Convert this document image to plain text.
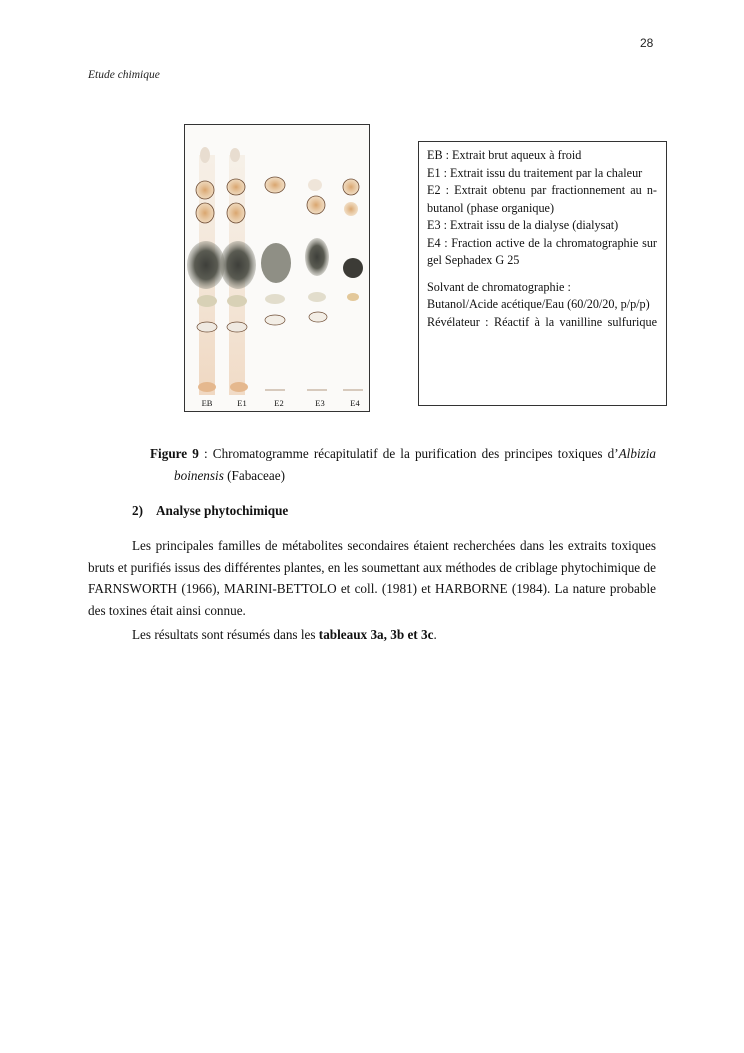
28
Etude chimique
EB	E1	E2	E3	E4

EB : Extrait brut aqueux à froid

E1 : Extrait issu du traitement par la chaleur

E2 : Extrait obtenu par fractionnement au n-butanol (phase organique)

E3 : Extrait issu de la dialyse (dialysat)

E4 : Fraction active de la chromatographie sur gel Sephadex G 25

Solvant de chromatographie :

Butanol/Acide acétique/Eau (60/20/20, p/p/p)

Révélateur : Réactif à la vanilline sulfurique

Figure 9 : Chromatogramme récapitulatif de la purification des principes toxiques d’Albizia boinensis (Fabaceae)
2) Analyse phytochimique
Les principales familles de métabolites secondaires étaient recherchées dans les extraits toxiques bruts et purifiés issus des différentes plantes, en les soumettant aux méthodes de criblage phytochimique de FARNSWORTH (1966), MARINI-BETTOLO et coll. (1981) et HARBORNE (1984). La nature probable des toxines était ainsi connue.
Les résultats sont résumés dans les tableaux 3a, 3b et 3c.
